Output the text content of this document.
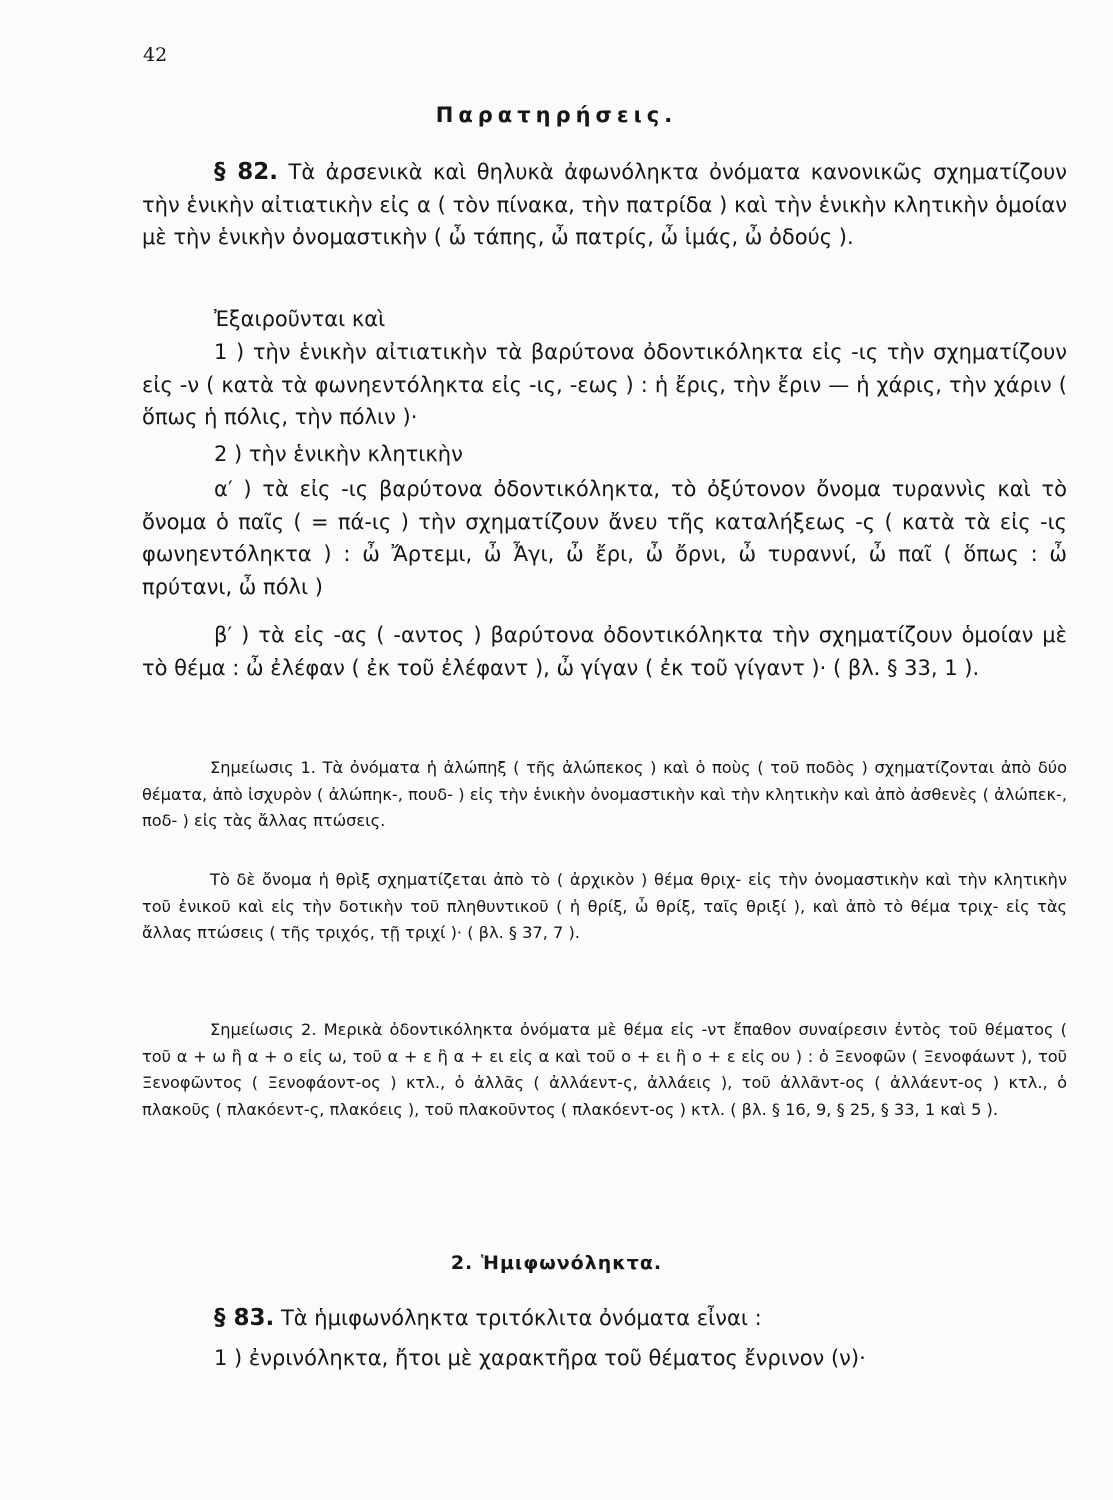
42
Παρατηρήσεις.
§ 82. Τὰ ἀρσενικὰ καὶ θηλυκὰ ἀφωνόληκτα ὀνόματα κανονικῶς σχηματίζουν τὴν ἑνικὴν αἰτιατικὴν εἰς α ( τὸν πίνακα, τὴν πατρίδα ) καὶ τὴν ἑνικὴν κλητικὴν ὁμοίαν μὲ τὴν ἑνικὴν ὀνομαστικὴν ( ὦ τάπης, ὦ πατρίς, ὦ ἱμάς, ὦ ὀδούς ).
Ἐξαιροῦνται καὶ
1 ) τὴν ἑνικὴν αἰτιατικὴν τὰ βαρύτονα ὀδοντικόληκτα εἰς -ις τὴν σχηματίζουν εἰς -ν ( κατὰ τὰ φωνηεντόληκτα εἰς -ις, -εως ) : ἡ ἔρις, τὴν ἔριν — ἡ χάρις, τὴν χάριν ( ὅπως ἡ πόλις, τὴν πόλιν )·
2 ) τὴν ἑνικὴν κλητικὴν
α′ ) τὰ εἰς -ις βαρύτονα ὀδοντικόληκτα, τὸ ὀξύτονον ὄνομα τυραννὶς καὶ τὸ ὄνομα ὁ παῖς ( = πά-ις ) τὴν σχηματίζουν ἄνευ τῆς καταλήξεως -ς ( κατὰ τὰ εἰς -ις φωνηεντόληκτα ) : ὦ Ἄρτεμι, ὦ Ἆγι, ὦ ἔρι, ὦ ὄρνι, ὦ τυραννί, ὦ παῖ ( ὅπως : ὦ πρύτανι, ὦ πόλι )
β′ ) τὰ εἰς -ας ( -αντος ) βαρύτονα ὀδοντικόληκτα τὴν σχηματίζουν ὁμοίαν μὲ τὸ θέμα : ὦ ἐλέφαν ( ἐκ τοῦ ἐλέφαντ ), ὦ γίγαν ( ἐκ τοῦ γίγαντ )· ( βλ. § 33, 1 ).
Σημείωσις 1. Τὰ ὀνόματα ἡ ἀλώπηξ ( τῆς ἀλώπεκος ) καὶ ὁ ποὺς ( τοῦ ποδὸς ) σχηματίζονται ἀπὸ δύο θέματα, ἀπὸ ἰσχυρὸν ( ἀλώπηκ-, πουδ- ) εἰς τὴν ἑνικὴν ὀνομαστικὴν καὶ τὴν κλητικὴν καὶ ἀπὸ ἀσθενὲς ( ἀλώπεκ-, ποδ- ) εἰς τὰς ἄλλας πτώσεις.
Τὸ δὲ ὄνομα ἡ θρὶξ σχηματίζεται ἀπὸ τὸ ( ἀρχικὸν ) θέμα θριχ- εἰς τὴν ὀνομαστικὴν καὶ τὴν κλητικὴν τοῦ ἑνικοῦ καὶ εἰς τὴν δοτικὴν τοῦ πληθυντικοῦ ( ἡ θρίξ, ὦ θρίξ, ταῖς θριξί ), καὶ ἀπὸ τὸ θέμα τριχ- εἰς τὰς ἄλλας πτώσεις ( τῆς τριχός, τῇ τριχί )· ( βλ. § 37, 7 ).
Σημείωσις 2. Μερικὰ ὀδοντικόληκτα ὀνόματα μὲ θέμα εἰς -ντ ἔπαθον συναίρεσιν ἐντὸς τοῦ θέματος ( τοῦ α + ω ἢ α + ο εἰς ω, τοῦ α + ε ἢ α + ει εἰς α καὶ τοῦ ο + ει ἢ ο + ε εἰς ου ) : ὁ Ξενοφῶν ( Ξενοφάωντ ), τοῦ Ξενοφῶντος ( Ξενοφάοντ-ος ) κτλ., ὁ ἀλλᾶς ( ἀλλάεντ-ς, ἀλλάεις ), τοῦ ἀλλᾶντ-ος ( ἀλλάεντ-ος ) κτλ., ὁ πλακοῦς ( πλακόεντ-ς, πλακόεις ), τοῦ πλακοῦντος ( πλακόεντ-ος ) κτλ. ( βλ. § 16, 9, § 25, § 33, 1 καὶ 5 ).
2. Ἡμιφωνόληκτα.
§ 83. Τὰ ἡμιφωνόληκτα τριτόκλιτα ὀνόματα εἶναι :
1 ) ἐνρινόληκτα, ἤτοι μὲ χαρακτῆρα τοῦ θέματος ἔνρινον (ν)·
